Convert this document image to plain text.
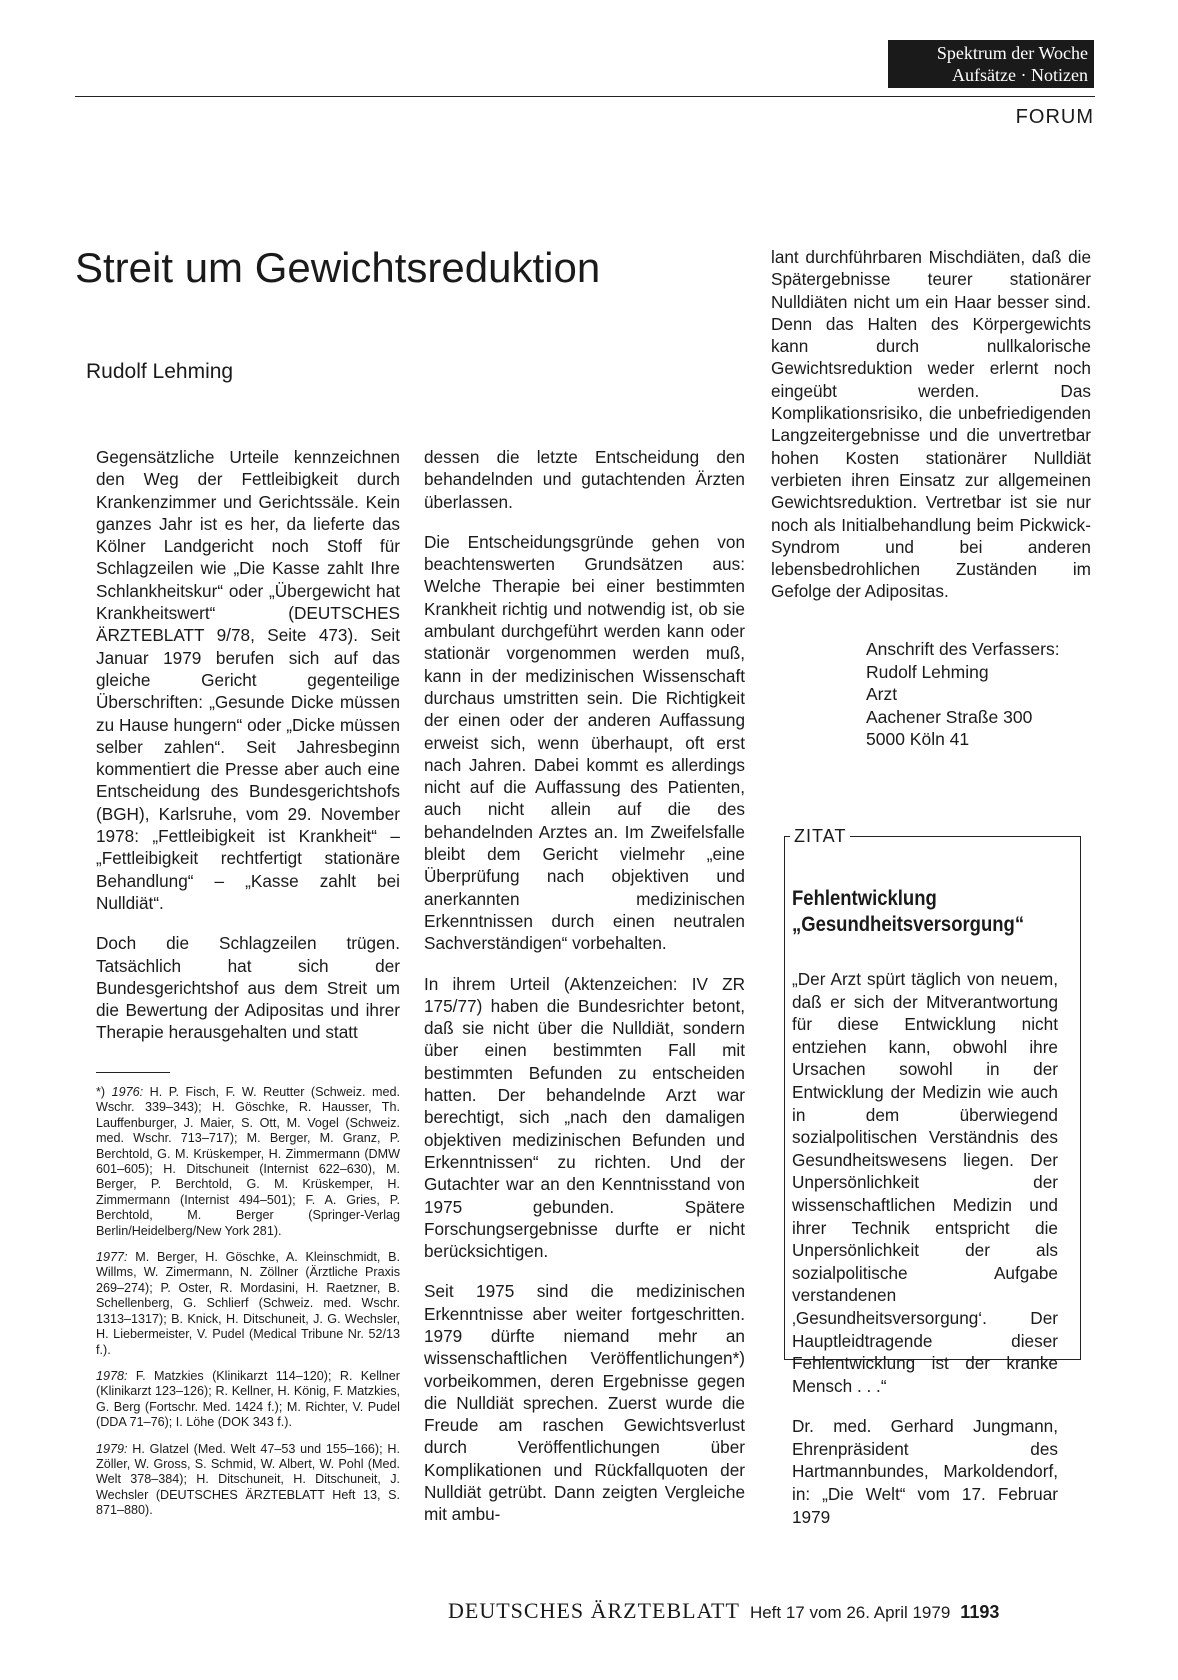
Spektrum der Woche
Aufsätze · Notizen
FORUM
Streit um Gewichtsreduktion
Rudolf Lehming

Gegensätzliche Urteile kennzeichnen den Weg der Fettleibigkeit durch Krankenzimmer und Gerichtssäle. Kein ganzes Jahr ist es her, da lieferte das Kölner Landgericht noch Stoff für Schlagzeilen wie „Die Kasse zahlt Ihre Schlankheitskur“ oder „Übergewicht hat Krankheitswert“ (DEUTSCHES ÄRZTEBLATT 9/78, Seite 473). Seit Januar 1979 berufen sich auf das gleiche Gericht gegenteilige Überschriften: „Gesunde Dicke müssen zu Hause hungern“ oder „Dicke müssen selber zahlen“. Seit Jahresbeginn kommentiert die Presse aber auch eine Entscheidung des Bundesgerichtshofs (BGH), Karlsruhe, vom 29. November 1978: „Fettleibigkeit ist Krankheit“ – „Fettleibigkeit rechtfertigt stationäre Behandlung“ – „Kasse zahlt bei Nulldiät“.

Doch die Schlagzeilen trügen. Tatsächlich hat sich der Bundesgerichtshof aus dem Streit um die Bewertung der Adipositas und ihrer Therapie herausgehalten und statt

*) 1976: H. P. Fisch, F. W. Reutter (Schweiz. med. Wschr. 339–343); H. Göschke, R. Hausser, Th. Lauffenburger, J. Maier, S. Ott, M. Vogel (Schweiz. med. Wschr. 713–717); M. Berger, M. Granz, P. Berchtold, G. M. Krüskemper, H. Zimmermann (DMW 601–605); H. Ditschuneit (Internist 622–630), M. Berger, P. Berchtold, G. M. Krüskemper, H. Zimmermann (Internist 494–501); F. A. Gries, P. Berchtold, M. Berger (Springer-Verlag Berlin/Heidelberg/New York 281).

1977: M. Berger, H. Göschke, A. Kleinschmidt, B. Willms, W. Zimermann, N. Zöllner (Ärztliche Praxis 269–274); P. Oster, R. Mordasini, H. Raetzner, B. Schellenberg, G. Schlierf (Schweiz. med. Wschr. 1313–1317); B. Knick, H. Ditschuneit, J. G. Wechsler, H. Liebermeister, V. Pudel (Medical Tribune Nr. 52/13 f.).

1978: F. Matzkies (Klinikarzt 114–120); R. Kellner (Klinikarzt 123–126); R. Kellner, H. König, F. Matzkies, G. Berg (Fortschr. Med. 1424 f.); M. Richter, V. Pudel (DDA 71–76); I. Löhe (DOK 343 f.).

1979: H. Glatzel (Med. Welt 47–53 und 155–166); H. Zöller, W. Gross, S. Schmid, W. Albert, W. Pohl (Med. Welt 378–384); H. Ditschuneit, H. Ditschuneit, J. Wechsler (DEUTSCHES ÄRZTEBLATT Heft 13, S. 871–880).

dessen die letzte Entscheidung den behandelnden und gutachtenden Ärzten überlassen.

Die Entscheidungsgründe gehen von beachtenswerten Grundsätzen aus: Welche Therapie bei einer bestimmten Krankheit richtig und notwendig ist, ob sie ambulant durchgeführt werden kann oder stationär vorgenommen werden muß, kann in der medizinischen Wissenschaft durchaus umstritten sein. Die Richtigkeit der einen oder der anderen Auffassung erweist sich, wenn überhaupt, oft erst nach Jahren. Dabei kommt es allerdings nicht auf die Auffassung des Patienten, auch nicht allein auf die des behandelnden Arztes an. Im Zweifelsfalle bleibt dem Gericht vielmehr „eine Überprüfung nach objektiven und anerkannten medizinischen Erkenntnissen durch einen neutralen Sachverständigen“ vorbehalten.

In ihrem Urteil (Aktenzeichen: IV ZR 175/77) haben die Bundesrichter betont, daß sie nicht über die Nulldiät, sondern über einen bestimmten Fall mit bestimmten Befunden zu entscheiden hatten. Der behandelnde Arzt war berechtigt, sich „nach den damaligen objektiven medizinischen Befunden und Erkenntnissen“ zu richten. Und der Gutachter war an den Kenntnisstand von 1975 gebunden. Spätere Forschungsergebnisse durfte er nicht berücksichtigen.

Seit 1975 sind die medizinischen Erkenntnisse aber weiter fortgeschritten. 1979 dürfte niemand mehr an wissenschaftlichen Veröffentlichungen*) vorbeikommen, deren Ergebnisse gegen die Nulldiät sprechen. Zuerst wurde die Freude am raschen Gewichtsverlust durch Veröffentlichungen über Komplikationen und Rückfallquoten der Nulldiät getrübt. Dann zeigten Vergleiche mit ambu-

lant durchführbaren Mischdiäten, daß die Spätergebnisse teurer stationärer Nulldiäten nicht um ein Haar besser sind. Denn das Halten des Körpergewichts kann durch nullkalorische Gewichtsreduktion weder erlernt noch eingeübt werden. Das Komplikationsrisiko, die unbefriedigenden Langzeitergebnisse und die unvertretbar hohen Kosten stationärer Nulldiät verbieten ihren Einsatz zur allgemeinen Gewichtsreduktion. Vertretbar ist sie nur noch als Initialbehandlung beim Pickwick-Syndrom und bei anderen lebensbedrohlichen Zuständen im Gefolge der Adipositas.

Anschrift des Verfassers:
Rudolf Lehming
Arzt
Aachener Straße 300
5000 Köln 41
ZITAT
Fehlentwicklung
„Gesundheitsversorgung“

„Der Arzt spürt täglich von neuem, daß er sich der Mitverantwortung für diese Entwicklung nicht entziehen kann, obwohl ihre Ursachen sowohl in der Entwicklung der Medizin wie auch in dem überwiegend sozialpolitischen Verständnis des Gesundheitswesens liegen. Der Unpersönlichkeit der wissenschaftlichen Medizin und ihrer Technik entspricht die Unpersönlichkeit der als sozialpolitische Aufgabe verstandenen ‚Gesundheitsversorgung‘. Der Hauptleidtragende dieser Fehlentwicklung ist der kranke Mensch . . .“

Dr. med. Gerhard Jungmann, Ehrenpräsident des Hartmannbundes, Markoldendorf, in: „Die Welt“ vom 17. Februar 1979

DEUTSCHES ÄRZTEBLATT Heft 17 vom 26. April 1979 1193
